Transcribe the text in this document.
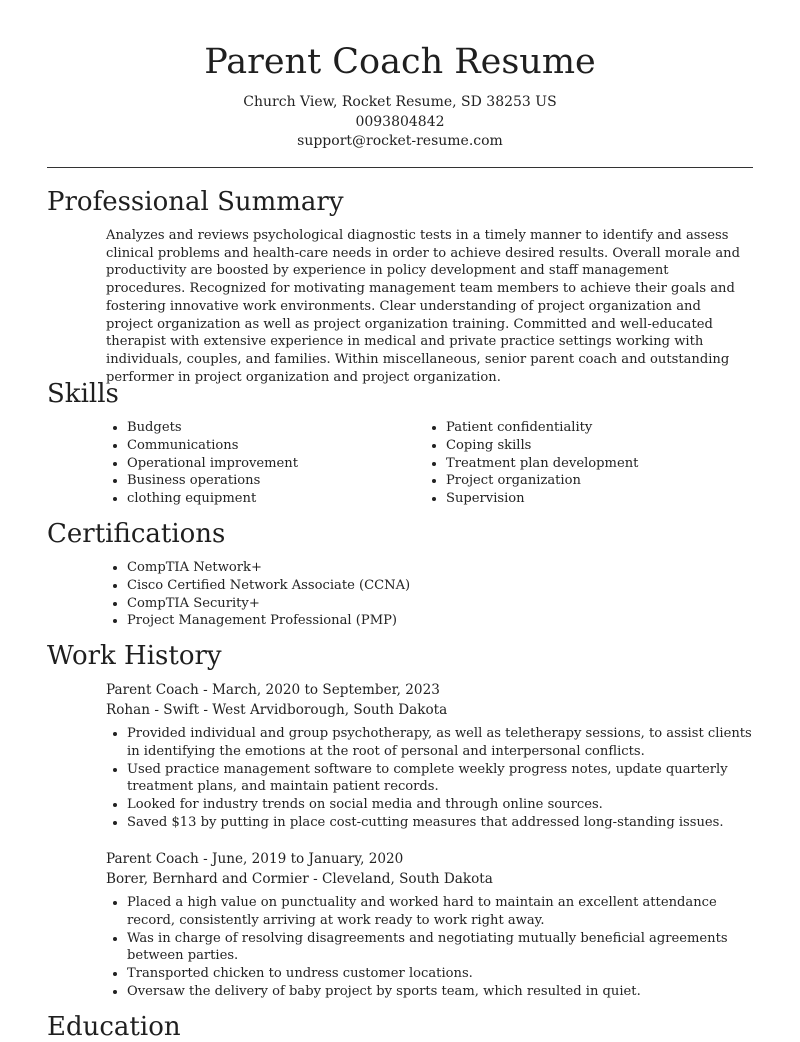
Parent Coach Resume
Church View, Rocket Resume, SD 38253 US
0093804842
support@rocket-resume.com
Professional Summary
Analyzes and reviews psychological diagnostic tests in a timely manner to identify and assess clinical problems and health-care needs in order to achieve desired results. Overall morale and productivity are boosted by experience in policy development and staff management procedures. Recognized for motivating management team members to achieve their goals and fostering innovative work environments. Clear understanding of project organization and project organization as well as project organization training. Committed and well-educated therapist with extensive experience in medical and private practice settings working with individuals, couples, and families. Within miscellaneous, senior parent coach and outstanding performer in project organization and project organization.
Skills
• Budgets
• Communications
• Operational improvement
• Business operations
• clothing equipment
• Patient confidentiality
• Coping skills
• Treatment plan development
• Project organization
• Supervision
Certifications
• CompTIA Network+
• Cisco Certified Network Associate (CCNA)
• CompTIA Security+
• Project Management Professional (PMP)
Work History
Parent Coach - March, 2020 to September, 2023
Rohan - Swift - West Arvidborough, South Dakota
• Provided individual and group psychotherapy, as well as teletherapy sessions, to assist clients in identifying the emotions at the root of personal and interpersonal conflicts.
• Used practice management software to complete weekly progress notes, update quarterly treatment plans, and maintain patient records.
• Looked for industry trends on social media and through online sources.
• Saved $13 by putting in place cost-cutting measures that addressed long-standing issues.
Parent Coach - June, 2019 to January, 2020
Borer, Bernhard and Cormier - Cleveland, South Dakota
• Placed a high value on punctuality and worked hard to maintain an excellent attendance record, consistently arriving at work ready to work right away.
• Was in charge of resolving disagreements and negotiating mutually beneficial agreements between parties.
• Transported chicken to undress customer locations.
• Oversaw the delivery of baby project by sports team, which resulted in quiet.
Education
